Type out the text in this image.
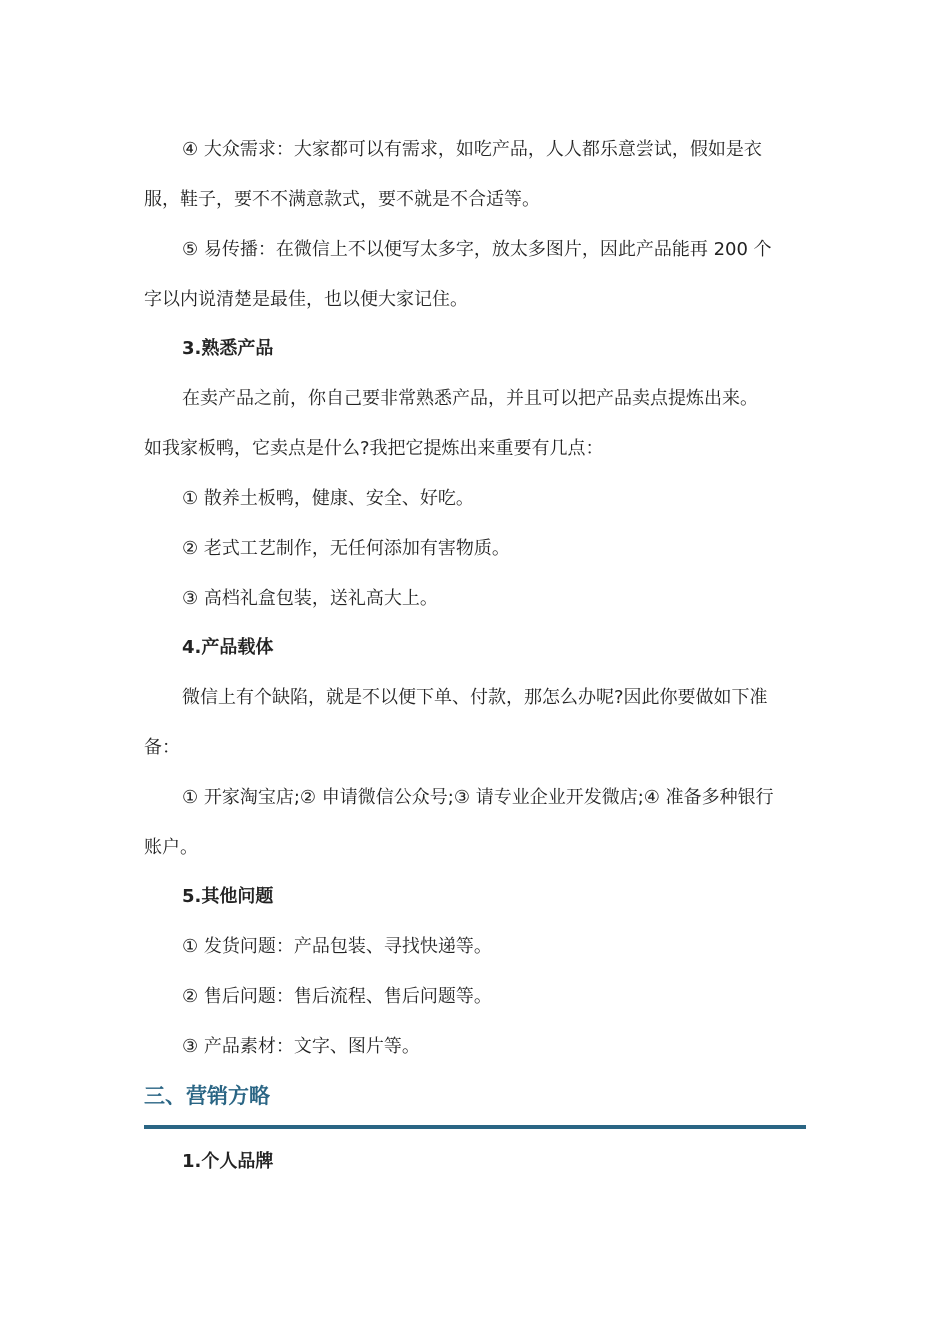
④ 大众需求：大家都可以有需求，如吃产品，人人都乐意尝试，假如是衣
服，鞋子，要不不满意款式，要不就是不合适等。
⑤ 易传播：在微信上不以便写太多字，放太多图片，因此产品能再 200 个
字以内说清楚是最佳，也以便大家记住。
3.熟悉产品
在卖产品之前，你自己要非常熟悉产品，并且可以把产品卖点提炼出来。
如我家板鸭，它卖点是什么?我把它提炼出来重要有几点：
① 散养土板鸭，健康、安全、好吃。
② 老式工艺制作，无任何添加有害物质。
③ 高档礼盒包装，送礼高大上。
4.产品载体
微信上有个缺陷，就是不以便下单、付款，那怎么办呢?因此你要做如下准
备：
① 开家淘宝店;② 申请微信公众号;③ 请专业企业开发微店;④ 准备多种银行
账户。
5.其他问题
① 发货问题：产品包装、寻找快递等。
② 售后问题：售后流程、售后问题等。
③ 产品素材：文字、图片等。
三、营销方略
1.个人品牌
